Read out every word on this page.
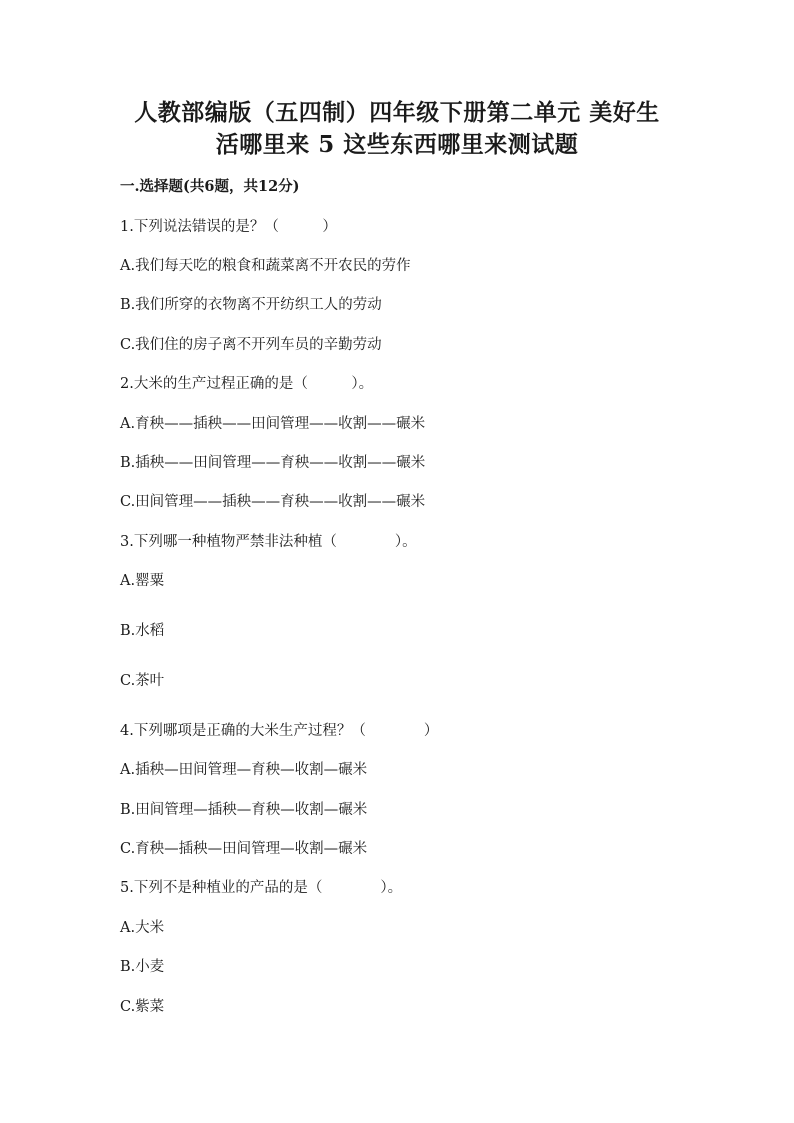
人教部编版（五四制）四年级下册第二单元 美好生
活哪里来 5 这些东西哪里来测试题

一.选择题(共6题，共12分)

1.下列说法错误的是？（　　　）

A.我们每天吃的粮食和蔬菜离不开农民的劳作

B.我们所穿的衣物离不开纺织工人的劳动

C.我们住的房子离不开列车员的辛勤劳动

2.大米的生产过程正确的是（　　　）。

A.育秧——插秧——田间管理——收割——碾米

B.插秧——田间管理——育秧——收割——碾米

C.田间管理——插秧——育秧——收割——碾米

3.下列哪一种植物严禁非法种植（　　　　）。

A.罂粟

B.水稻

C.茶叶

4.下列哪项是正确的大米生产过程？（　　　　）

A.插秧—田间管理—育秧—收割—碾米

B.田间管理—插秧—育秧—收割—碾米

C.育秧—插秧—田间管理—收割—碾米

5.下列不是种植业的产品的是（　　　　）。

A.大米

B.小麦

C.紫菜
